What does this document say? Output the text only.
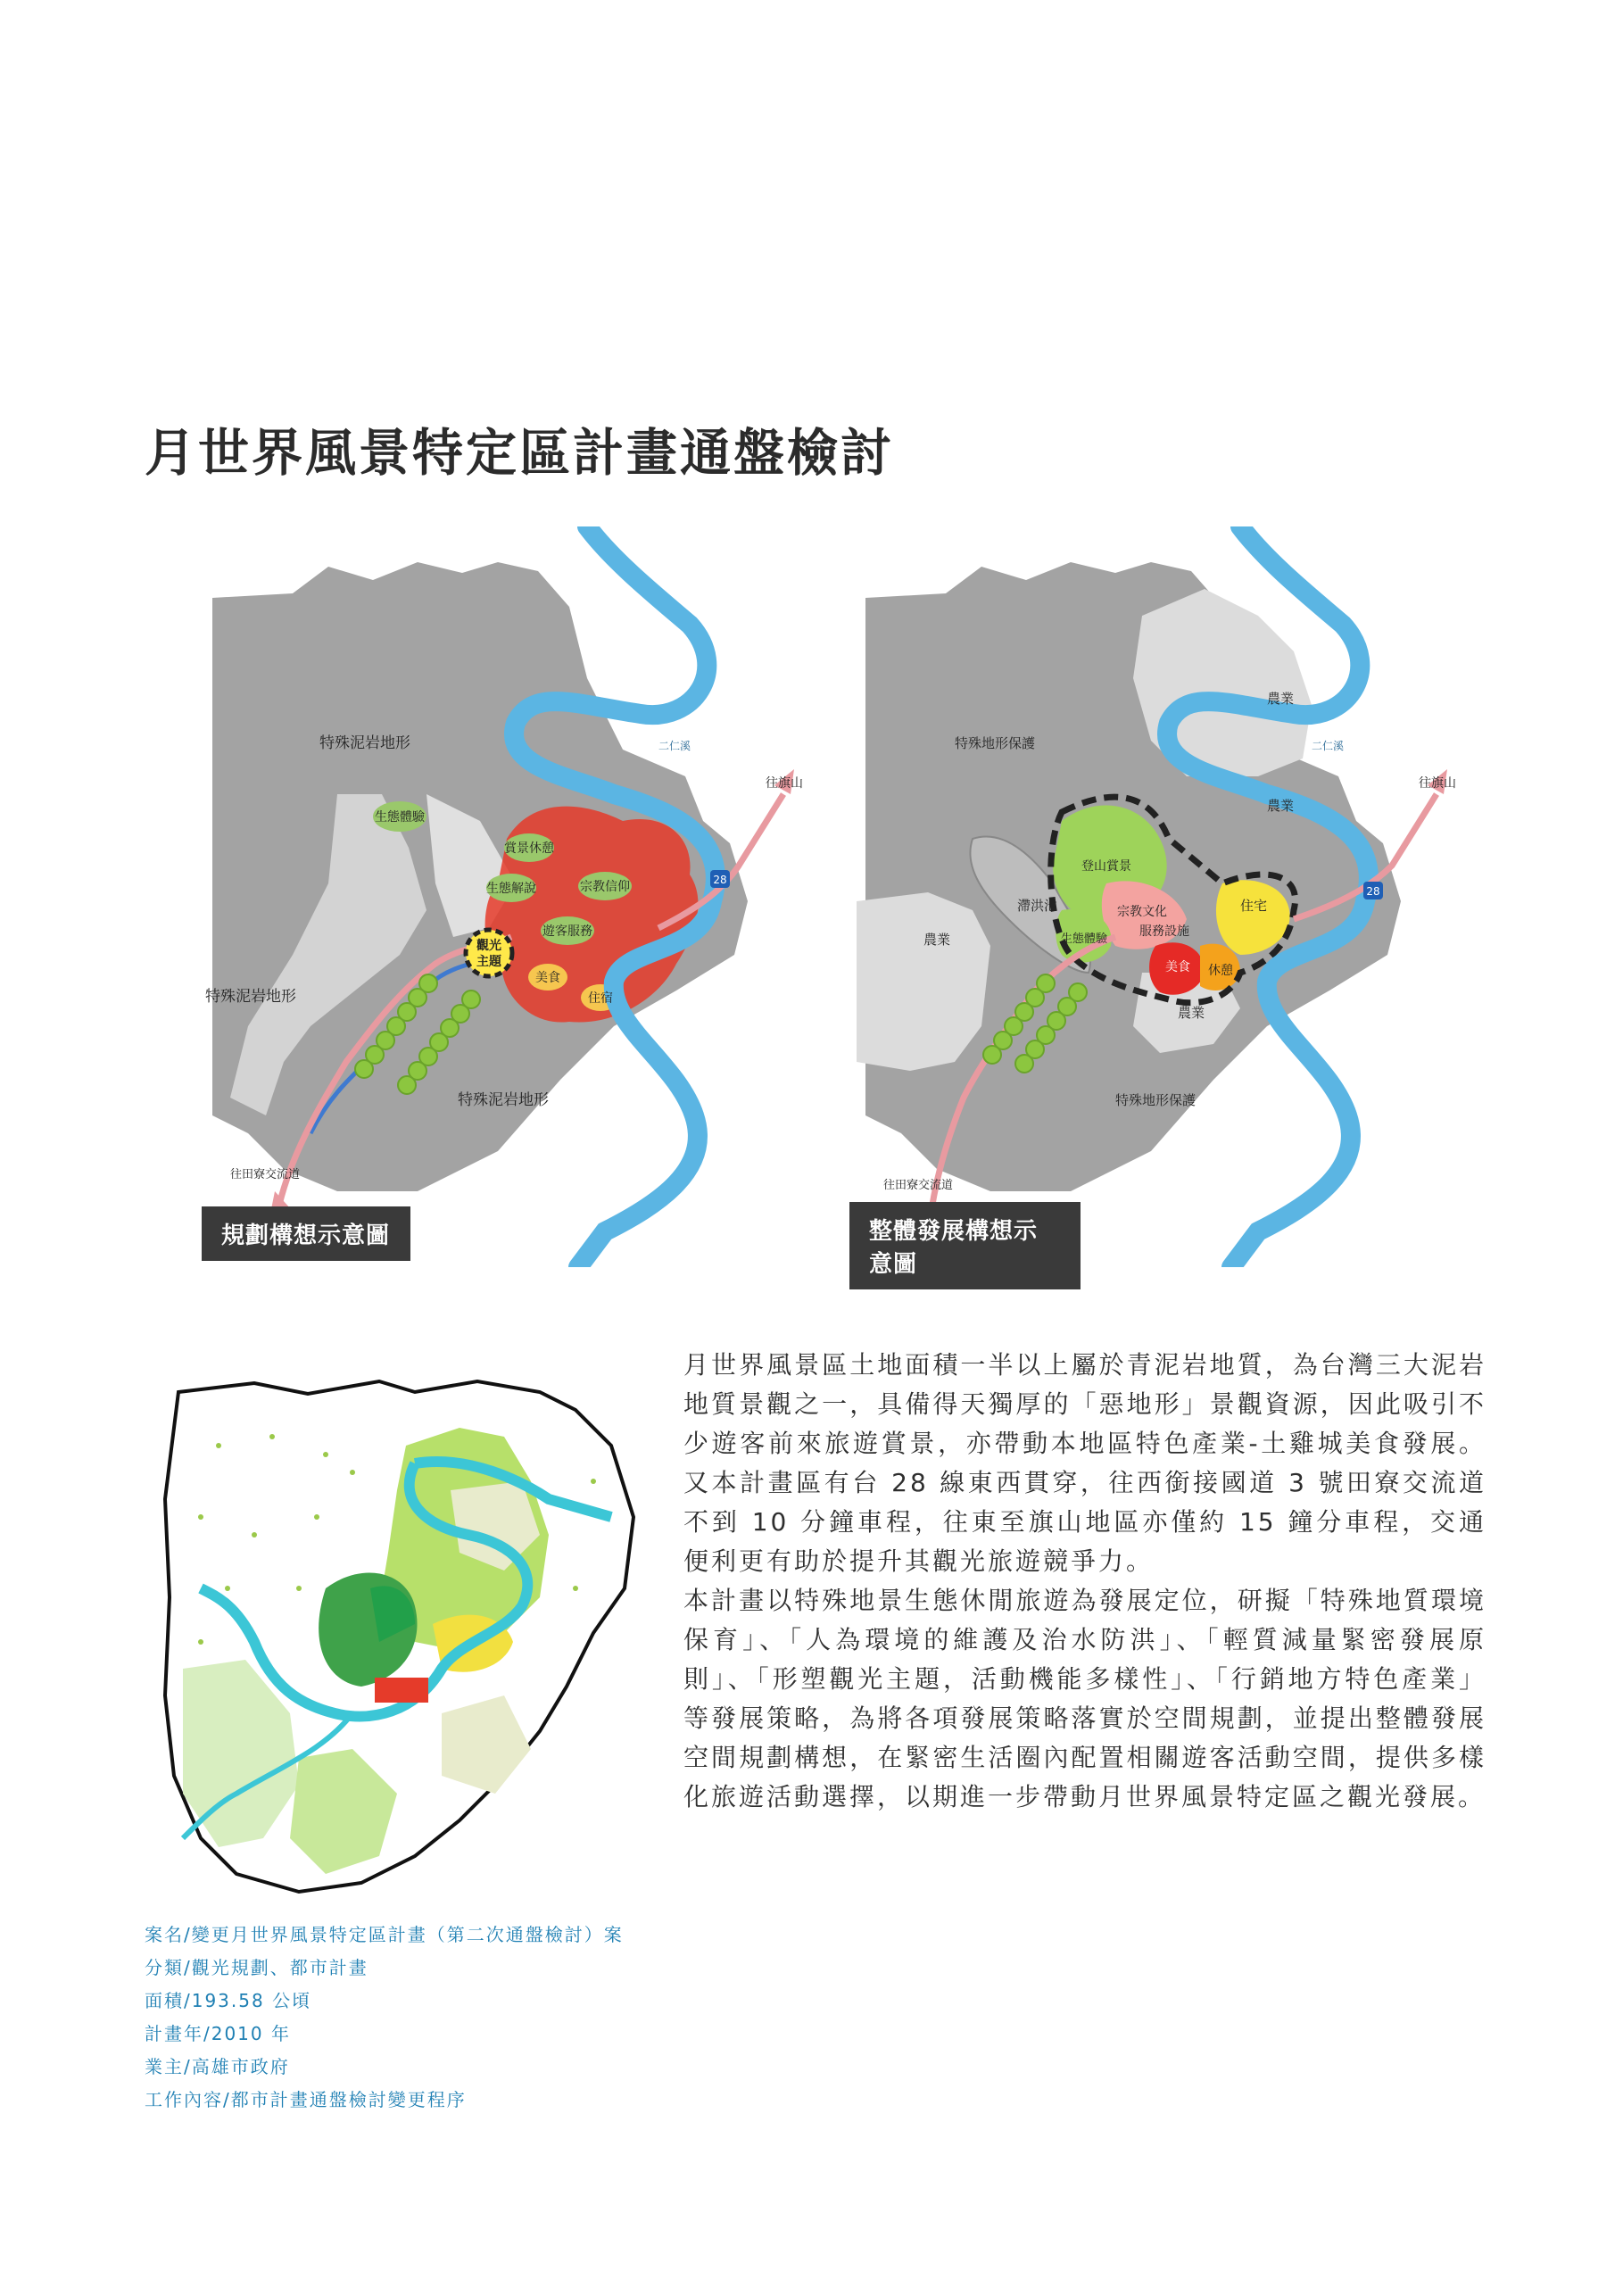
月世界風景特定區計畫通盤檢討
28
特殊泥岩地形
特殊泥岩地形
特殊泥岩地形
生態體驗
賞景休憩
生態解說	宗教信仰
遊客服務
美食
住宿
觀光
主題
往旗山
往田寮交流道
二仁溪
28
特殊地形保護
特殊地形保護
農業
農業
農業
農業
滯洪池
登山賞景
宗教文化
服務設施
生態體驗
住宅
美食 休憩
往旗山
往田寮交流道
二仁溪
規劃構想示意圖	整體發展構想示意圖

月世界風景區土地面積一半以上屬於青泥岩地質，為台灣三大泥岩地質景觀之一，具備得天獨厚的「惡地形」景觀資源，因此吸引不少遊客前來旅遊賞景，亦帶動本地區特色產業-土雞城美食發展。又本計畫區有台 28 線東西貫穿，往西銜接國道 3 號田寮交流道不到 10 分鐘車程，往東至旗山地區亦僅約 15 鐘分車程，交通便利更有助於提升其觀光旅遊競爭力。

本計畫以特殊地景生態休閒旅遊為發展定位，研擬「特殊地質環境保育」、「人為環境的維護及治水防洪」、「輕質減量緊密發展原則」、「形塑觀光主題，活動機能多樣性」、「行銷地方特色產業」等發展策略，為將各項發展策略落實於空間規劃，並提出整體發展空間規劃構想，在緊密生活圈內配置相關遊客活動空間，提供多樣化旅遊活動選擇，以期進一步帶動月世界風景特定區之觀光發展。

案名/變更月世界風景特定區計畫（第二次通盤檢討）案
分類/觀光規劃、都市計畫
面積/193.58 公頃
計畫年/2010 年
業主/高雄市政府
工作內容/都市計畫通盤檢討變更程序
